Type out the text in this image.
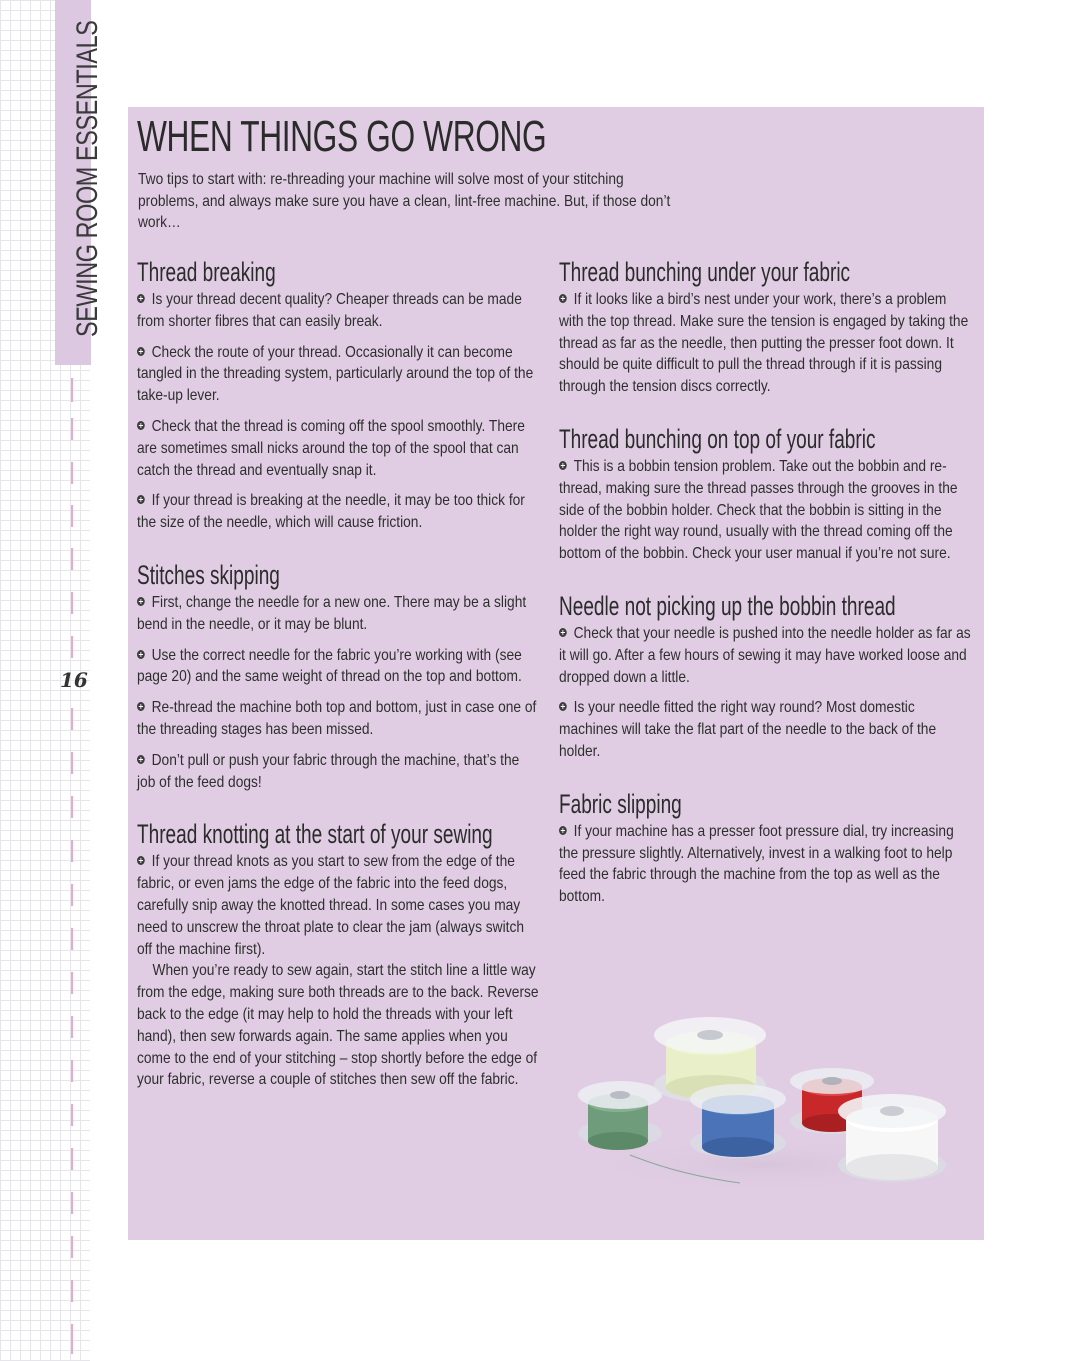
SEWING ROOM ESSENTIALS
16
WHEN THINGS GO WRONG
Two tips to start with: re-threading your machine will solve most of your stitching problems, and always make sure you have a clean, lint-free machine. But, if those don’t work…
Thread breaking

Is your thread decent quality? Cheaper threads can be made from shorter fibres that can easily break.

Check the route of your thread. Occasionally it can become tangled in the threading system, particularly around the top of the take-up lever.

Check that the thread is coming off the spool smoothly. There are sometimes small nicks around the top of the spool that can catch the thread and eventually snap it.

If your thread is breaking at the needle, it may be too thick for the size of the needle, which will cause friction.

Stitches skipping

First, change the needle for a new one. There may be a slight bend in the needle, or it may be blunt.

Use the correct needle for the fabric you’re working with (see page 20) and the same weight of thread on the top and bottom.

Re-thread the machine both top and bottom, just in case one of the threading stages has been missed.

Don’t pull or push your fabric through the machine, that’s the job of the feed dogs!

Thread knotting at the start of your sewing

If your thread knots as you start to sew from the edge of the fabric, or even jams the edge of the fabric into the feed dogs, carefully snip away the knotted thread. In some cases you may need to unscrew the throat plate to clear the jam (always switch off the machine first).

When you’re ready to sew again, start the stitch line a little way from the edge, making sure both threads are to the back. Reverse back to the edge (it may help to hold the threads with your left hand), then sew forwards again. The same applies when you come to the end of your stitching – stop shortly before the edge of your fabric, reverse a couple of stitches then sew off the fabric.

Thread bunching under your fabric

If it looks like a bird’s nest under your work, there’s a problem with the top thread. Make sure the tension is engaged by taking the thread as far as the needle, then putting the presser foot down. It should be quite difficult to pull the thread through if it is passing through the tension discs correctly.

Thread bunching on top of your fabric

This is a bobbin tension problem. Take out the bobbin and re-thread, making sure the thread passes through the grooves in the side of the bobbin holder. Check that the bobbin is sitting in the holder the right way round, usually with the thread coming off the bottom of the bobbin. Check your user manual if you’re not sure.

Needle not picking up the bobbin thread

Check that your needle is pushed into the needle holder as far as it will go. After a few hours of sewing it may have worked loose and dropped down a little.

Is your needle fitted the right way round? Most domestic machines will take the flat part of the needle to the back of the holder.

Fabric slipping

If your machine has a presser foot pressure dial, try increasing the pressure slightly. Alternatively, invest in a walking foot to help feed the fabric through the machine from the top as well as the bottom.
